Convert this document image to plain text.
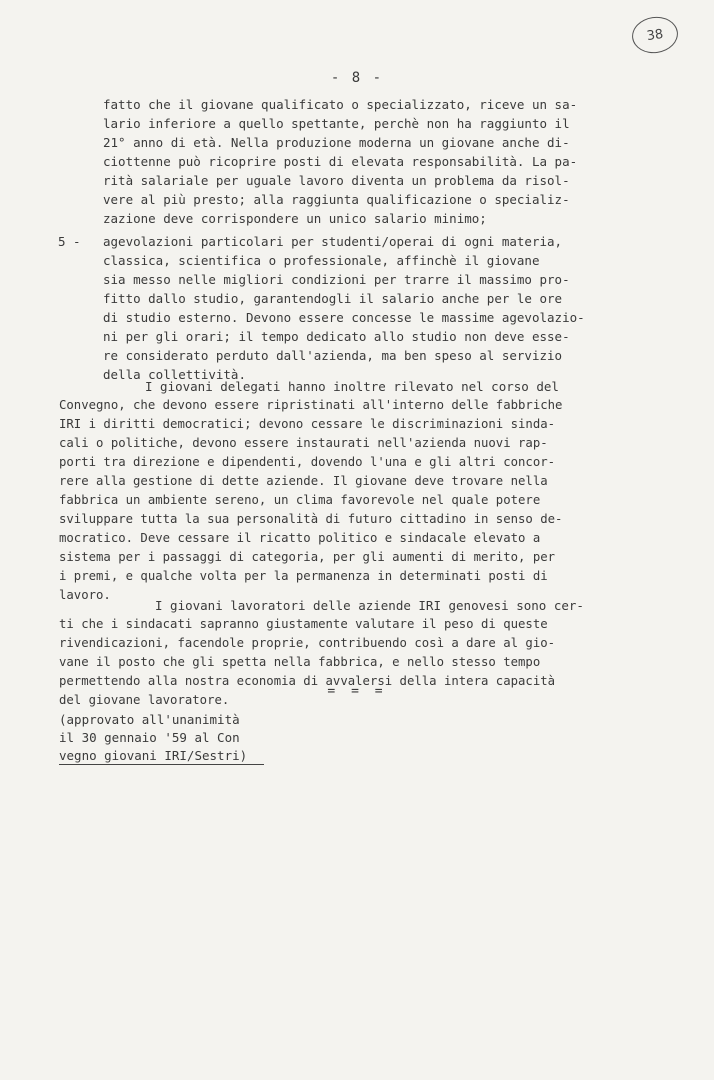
38
- 8 -
fatto che il giovane qualificato o specializzato, riceve un sa-
lario inferiore a quello spettante, perchè non ha raggiunto il
21° anno di età. Nella produzione moderna un giovane anche di-
ciottenne può ricoprire posti di elevata responsabilità. La pa-
rità salariale per uguale lavoro diventa un problema da risol-
vere al più presto; alla raggiunta qualificazione o specializ-
zazione deve corrispondere un unico salario minimo;
5 - agevolazioni particolari per studenti/operai di ogni materia,
classica, scientifica o professionale, affinchè il giovane
sia messo nelle migliori condizioni per trarre il massimo pro-
fitto dallo studio, garantendogli il salario anche per le ore
di studio esterno. Devono essere concesse le massime agevolazio-
ni per gli orari; il tempo dedicato allo studio non deve esse-
re considerato perduto dall'azienda, ma ben speso al servizio
della collettività.
I giovani delegati hanno inoltre rilevato nel corso del
Convegno, che devono essere ripristinati all'interno delle fabbriche
IRI i diritti democratici; devono cessare le discriminazioni sinda-
cali o politiche, devono essere instaurati nell'azienda nuovi rap-
porti tra direzione e dipendenti, dovendo l'una e gli altri concor-
rere alla gestione di dette aziende. Il giovane deve trovare nella
fabbrica un ambiente sereno, un clima favorevole nel quale potere
sviluppare tutta la sua personalità di futuro cittadino in senso de-
mocratico. Deve cessare il ricatto politico e sindacale elevato a
sistema per i passaggi di categoria, per gli aumenti di merito, per
i premi, e qualche volta per la permanenza in determinati posti di
lavoro.
I giovani lavoratori delle aziende IRI genovesi sono cer-
ti che i sindacati sapranno giustamente valutare il peso di queste
rivendicazioni, facendole proprie, contribuendo così a dare al gio-
vane il posto che gli spetta nella fabbrica, e nello stesso tempo
permettendo alla nostra economia di avvalersi della intera capacità
del giovane lavoratore.
= = =
(approvato all'unanimità
il 30 gennaio '59 al Con
vegno giovani IRI/Sestri)
